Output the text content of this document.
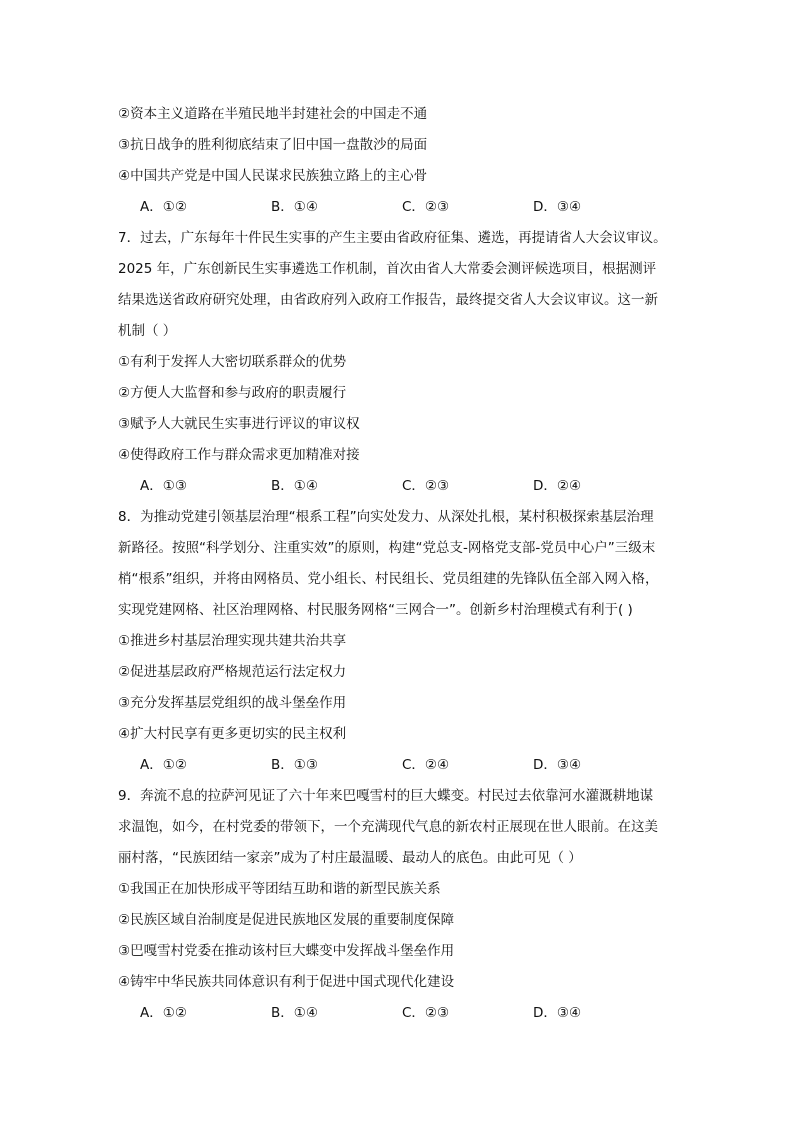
②资本主义道路在半殖民地半封建社会的中国走不通
③抗日战争的胜利彻底结束了旧中国一盘散沙的局面
④中国共产党是中国人民谋求民族独立路上的主心骨
A．①②	B．①④	C．②③	D．③④
7．过去，广东每年十件民生实事的产生主要由省政府征集、遴选，再提请省人大会议审议。
2025 年，广东创新民生实事遴选工作机制，首次由省人大常委会测评候选项目，根据测评
结果选送省政府研究处理，由省政府列入政府工作报告，最终提交省人大会议审议。这一新
机制（ ）
①有利于发挥人大密切联系群众的优势
②方便人大监督和参与政府的职责履行
③赋予人大就民生实事进行评议的审议权
④使得政府工作与群众需求更加精准对接
A．①③	B．①④	C．②③	D．②④
8．为推动党建引领基层治理“根系工程”向实处发力、从深处扎根，某村积极探索基层治理
新路径。按照“科学划分、注重实效”的原则，构建“党总支-网格党支部-党员中心户”三级末
梢“根系”组织，并将由网格员、党小组长、村民组长、党员组建的先锋队伍全部入网入格，
实现党建网格、社区治理网格、村民服务网格“三网合一”。创新乡村治理模式有利于( )
①推进乡村基层治理实现共建共治共享
②促进基层政府严格规范运行法定权力
③充分发挥基层党组织的战斗堡垒作用
④扩大村民享有更多更切实的民主权利
A．①②	B．①③	C．②④	D．③④
9．奔流不息的拉萨河见证了六十年来巴嘎雪村的巨大蝶变。村民过去依靠河水灌溉耕地谋
求温饱，如今，在村党委的带领下，一个充满现代气息的新农村正展现在世人眼前。在这美
丽村落，“民族团结一家亲”成为了村庄最温暖、最动人的底色。由此可见（ ）
①我国正在加快形成平等团结互助和谐的新型民族关系
②民族区域自治制度是促进民族地区发展的重要制度保障
③巴嘎雪村党委在推动该村巨大蝶变中发挥战斗堡垒作用
④铸牢中华民族共同体意识有利于促进中国式现代化建设
A．①②	B．①④	C．②③	D．③④
